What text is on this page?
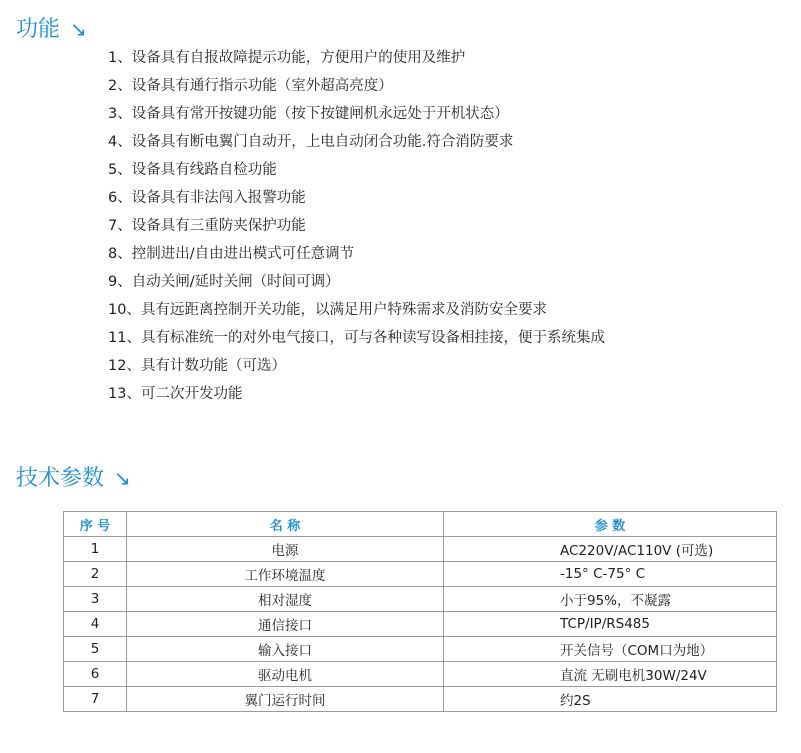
功能 ↘
1、设备具有自报故障提示功能，方便用户的使用及维护
2、设备具有通行指示功能（室外超高亮度）
3、设备具有常开按键功能（按下按键闸机永远处于开机状态）
4、设备具有断电翼门自动开，上电自动闭合功能.符合消防要求
5、设备具有线路自检功能
6、设备具有非法闯入报警功能
7、设备具有三重防夹保护功能
8、控制进出/自由进出模式可任意调节
9、自动关闸/延时关闸（时间可调）
10、具有远距离控制开关功能，以满足用户特殊需求及消防安全要求
11、具有标准统一的对外电气接口，可与各种读写设备相挂接，便于系统集成
12、具有计数功能（可选）
13、可二次开发功能
技术参数 ↘
序 号	名 称	参 数
1	电源	AC220V/AC110V (可选)
2	工作环境温度	-15° C-75° C
3	相对湿度	小于95%，不凝露
4	通信接口	TCP/IP/RS485
5	输入接口	开关信号（COM口为地）
6	驱动电机	直流 无刷电机30W/24V
7	翼门运行时间	约2S
